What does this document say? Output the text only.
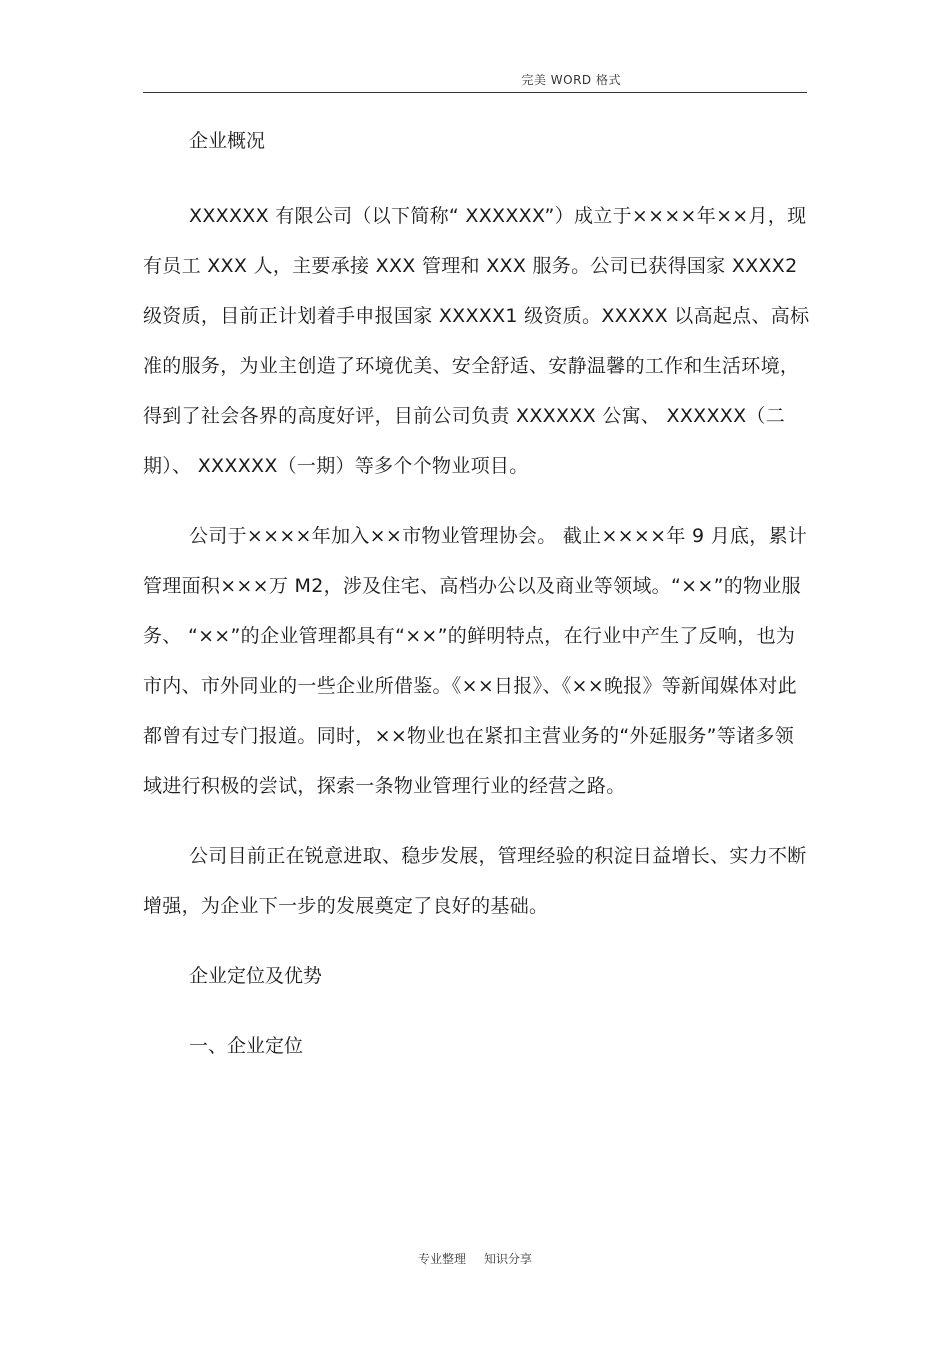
完美 WORD 格式

企业概况

XXXXXX 有限公司（以下简称“ XXXXXX”）成立于××××年××月，现有员工 XXX 人，主要承接 XXX 管理和 XXX 服务。公司已获得国家 XXXX2 级资质，目前正计划着手申报国家 XXXXX1 级资质。XXXXX 以高起点、高标准的服务，为业主创造了环境优美、安全舒适、安静温馨的工作和生活环境，得到了社会各界的高度好评，目前公司负责 XXXXXX 公寓、 XXXXXX（二期）、 XXXXXX（一期）等多个个物业项目。

公司于××××年加入××市物业管理协会。 截止××××年 9 月底，累计管理面积×××万 M2，涉及住宅、高档办公以及商业等领域。“××”的物业服务、 “××”的企业管理都具有“××”的鲜明特点，在行业中产生了反响，也为市内、市外同业的一些企业所借鉴。《××日报》、《××晚报》等新闻媒体对此都曾有过专门报道。同时，××物业也在紧扣主营业务的“外延服务”等诸多领域进行积极的尝试，探索一条物业管理行业的经营之路。

公司目前正在锐意进取、稳步发展，管理经验的积淀日益增长、实力不断增强，为企业下一步的发展奠定了良好的基础。

企业定位及优势

一、企业定位

专业整理 知识分享
